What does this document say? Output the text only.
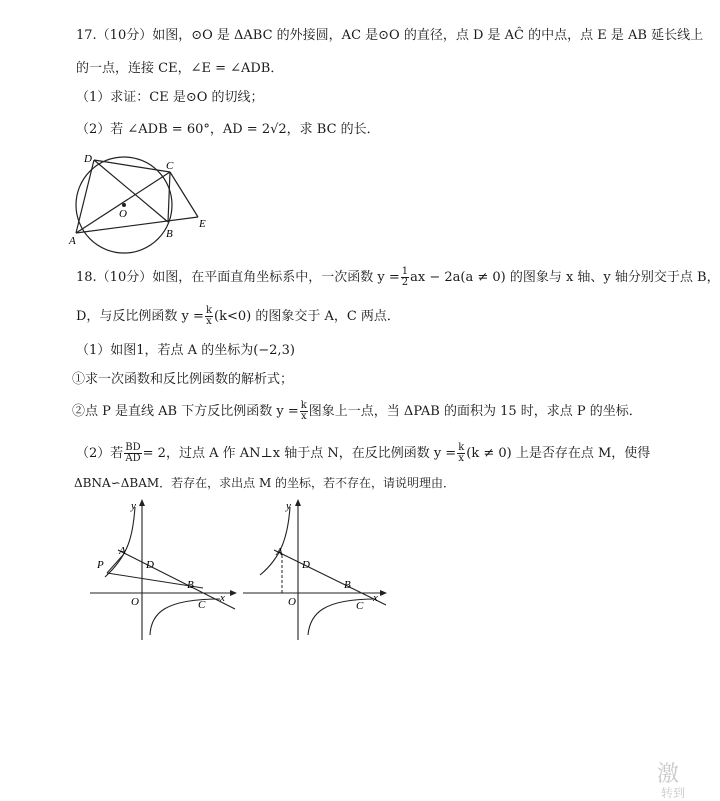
17.（10分）如图，⊙O 是 ΔABC 的外接圆，AC 是⊙O 的直径，点 D 是 AĈ 的中点，点 E 是 AB 延长线上
的一点，连接 CE，∠E = ∠ADB．
（1）求证：CE 是⊙O 的切线；
（2）若 ∠ADB = 60°，AD = 2√2，求 BC 的长．
D
C
O
A
B
E
18.（10分）如图，在平面直角坐标系中，一次函数 $y = \frac{1}{2}$ ax − 2a(a ≠ 0) 的图象与 x 轴、y 轴分别交于点 B，
D，与反比例函数 $y = \frac{k}{x} (k<0)$ 的图象交于 A，C 两点．
（1）如图1，若点 A 的坐标为(−2,3)
①求一次函数和反比例函数的解析式；
②点 P 是直线 AB 下方反比例函数 $y = \frac{k}{x}$ 图象上一点，当 ΔPAB 的面积为 15 时，求点 P 的坐标．
（2）若 $\frac{BD}{AD} = 2$，过点 A 作 AN⊥x 轴于点 N，在反比例函数 $y = \frac{k}{x} (k \ne 0)$ 上是否存在点 M，使得
ΔBNA∽ΔBAM．若存在，求出点 M 的坐标，若不存在，请说明理由．
y
P
A
D
B
O	C
x
y
A
D
B
O	C
x
激
转到
